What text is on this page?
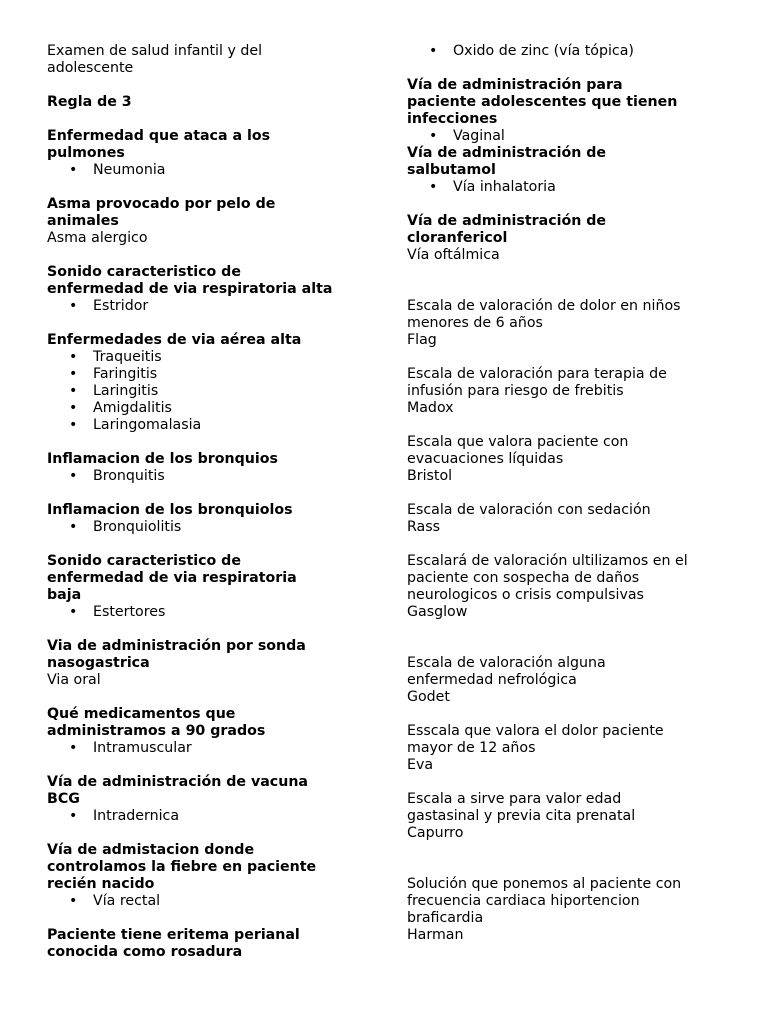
Examen de salud infantil y del
adolescente

Regla de 3

Enfermedad que ataca a los
pulmones

• Neumonia

Asma provocado por pelo de
animales

Asma alergico

Sonido caracteristico de
enfermedad de via respiratoria alta

• Estridor

Enfermedades de via aérea alta

• Traqueitis
• Faringitis
• Laringitis
• Amigdalitis
• Laringomalasia

Inflamacion de los bronquios

• Bronquitis

Inflamacion de los bronquiolos

• Bronquiolitis

Sonido caracteristico de
enfermedad de via respiratoria
baja

• Estertores

Via de administración por sonda
nasogastrica

Via oral

Qué medicamentos que
administramos a 90 grados

• Intramuscular

Vía de administración de vacuna
BCG

• Intradernica

Vía de admistacion donde
controlamos la fiebre en paciente
recién nacido

• Vía rectal

Paciente tiene eritema perianal
conocida como rosadura

• Oxido de zinc (vía tópica)

Vía de administración para
paciente adolescentes que tienen
infecciones

• Vaginal

Vía de administración de
salbutamol

• Vía inhalatoria

Vía de administración de
cloranfericol

Vía oftálmica

Escala de valoración de dolor en niños
menores de 6 años

Flag

Escala de valoración para terapia de
infusión para riesgo de frebitis

Madox

Escala que valora paciente con
evacuaciones líquidas

Bristol

Escala de valoración con sedación

Rass

Escalará de valoración ultilizamos en el
paciente con sospecha de daños
neurologicos o crisis compulsivas

Gasglow

Escala de valoración alguna
enfermedad nefrológica

Godet

Esscala que valora el dolor paciente
mayor de 12 años

Eva

Escala a sirve para valor edad
gastasinal y previa cita prenatal

Capurro

Solución que ponemos al paciente con
frecuencia cardiaca hiportencion
braficardia

Harman
